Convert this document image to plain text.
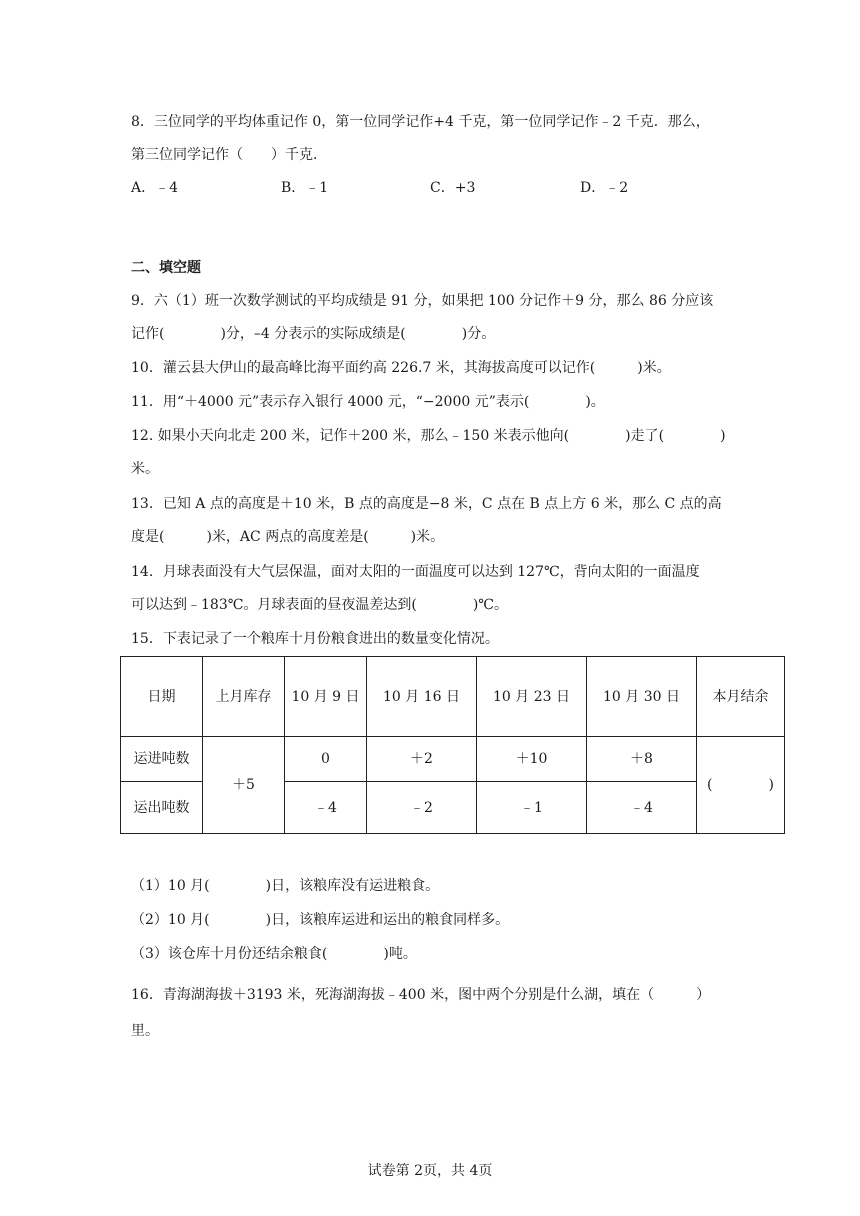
8．三位同学的平均体重记作 0，第一位同学记作+4 千克，第一位同学记作﹣2 千克．那么，
第三位同学记作（　　）千克．
A．﹣4	B．﹣1	C．+3	D．﹣2
二、填空题
9．六（1）班一次数学测试的平均成绩是 91 分，如果把 100 分记作＋9 分，那么 86 分应该
记作(　　　　)分，–4 分表示的实际成绩是(　　　　)分。
10．灌云县大伊山的最高峰比海平面约高 226.7 米，其海拔高度可以记作(　　　)米。
11．用“＋4000 元”表示存入银行 4000 元，“−2000 元”表示(　　　　)。
12. 如果小天向北走 200 米，记作＋200 米，那么﹣150 米表示他向(　　　　)走了(　　　　)
米。
13．已知 A 点的高度是＋10 米，B 点的高度是−8 米，C 点在 B 点上方 6 米，那么 C 点的高
度是(　　　)米，AC 两点的高度差是(　　　)米。
14．月球表面没有大气层保温，面对太阳的一面温度可以达到 127℃，背向太阳的一面温度
可以达到﹣183℃。月球表面的昼夜温差达到(　　　　)℃。
15．下表记录了一个粮库十月份粮食进出的数量变化情况。
日期	上月库存	10 月 9 日	10 月 16 日	10 月 23 日	10 月 30 日	本月结余
运进吨数	＋5	0	＋2	＋10	＋8	(　　　　)
运出吨数		﹣4	﹣2	﹣1	﹣4	
（1）10 月(　　　　)日，该粮库没有运进粮食。
（2）10 月(　　　　)日，该粮库运进和运出的粮食同样多。
（3）该仓库十月份还结余粮食(　　　　)吨。
16．青海湖海拔＋3193 米，死海湖海拔﹣400 米，图中两个分别是什么湖，填在（　　　）
里。
试卷第 2页，共 4页
